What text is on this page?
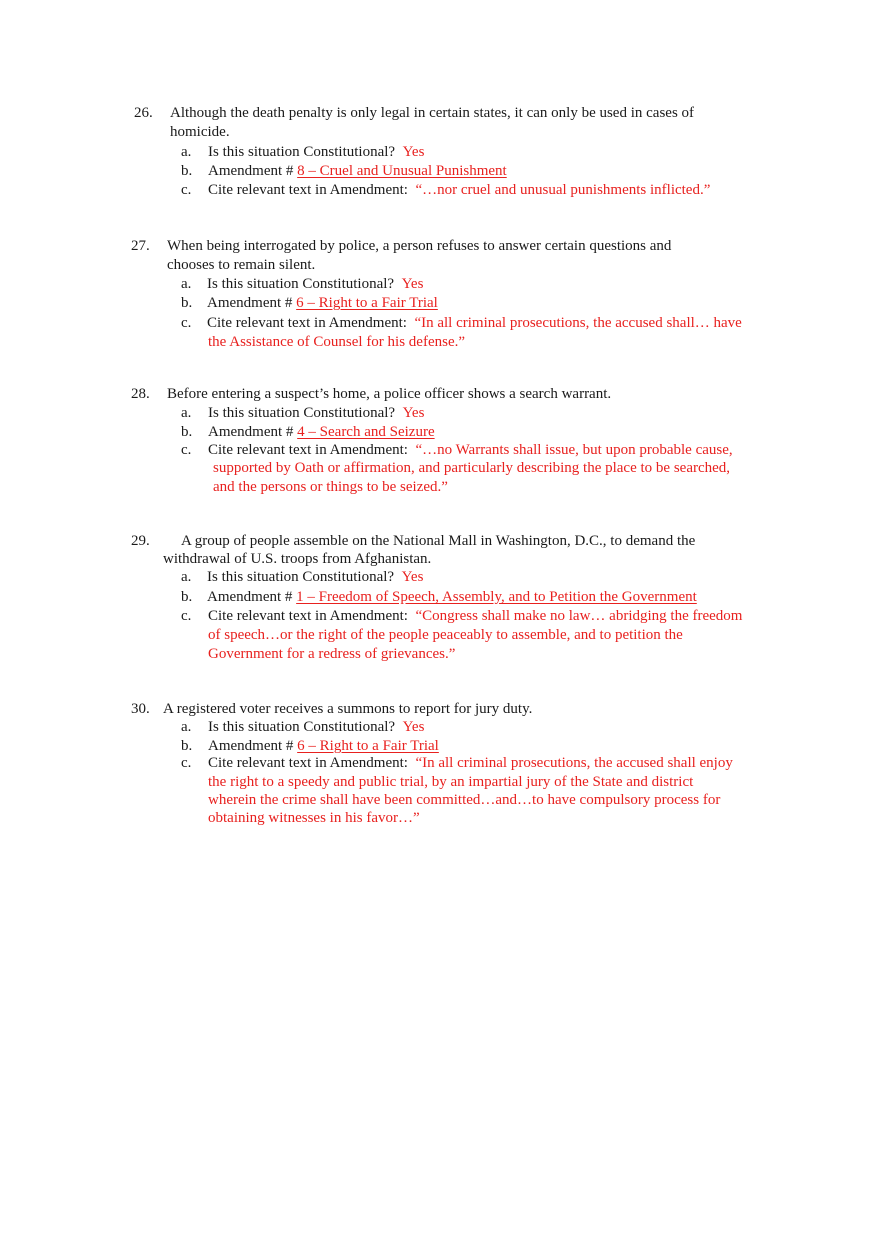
26. Although the death penalty is only legal in certain states, it can only be used in cases of
homicide.
a. Is this situation Constitutional? Yes
b. Amendment # 8 – Cruel and Unusual Punishment
c. Cite relevant text in Amendment: “…nor cruel and unusual punishments inflicted.”
27. When being interrogated by police, a person refuses to answer certain questions and
chooses to remain silent.
a. Is this situation Constitutional? Yes
b. Amendment # 6 – Right to a Fair Trial
c. Cite relevant text in Amendment: “In all criminal prosecutions, the accused shall… have
the Assistance of Counsel for his defense.”
28. Before entering a suspect’s home, a police officer shows a search warrant.
a. Is this situation Constitutional? Yes
b. Amendment # 4 – Search and Seizure
c. Cite relevant text in Amendment: “…no Warrants shall issue, but upon probable cause,
supported by Oath or affirmation, and particularly describing the place to be searched,
and the persons or things to be seized.”
29. A group of people assemble on the National Mall in Washington, D.C., to demand the
withdrawal of U.S. troops from Afghanistan.
a. Is this situation Constitutional? Yes
b. Amendment # 1 – Freedom of Speech, Assembly, and to Petition the Government
c. Cite relevant text in Amendment: “Congress shall make no law… abridging the freedom
of speech…or the right of the people peaceably to assemble, and to petition the
Government for a redress of grievances.”
30. A registered voter receives a summons to report for jury duty.
a. Is this situation Constitutional? Yes
b. Amendment # 6 – Right to a Fair Trial
c. Cite relevant text in Amendment: “In all criminal prosecutions, the accused shall enjoy
the right to a speedy and public trial, by an impartial jury of the State and district
wherein the crime shall have been committed…and…to have compulsory process for
obtaining witnesses in his favor…”
